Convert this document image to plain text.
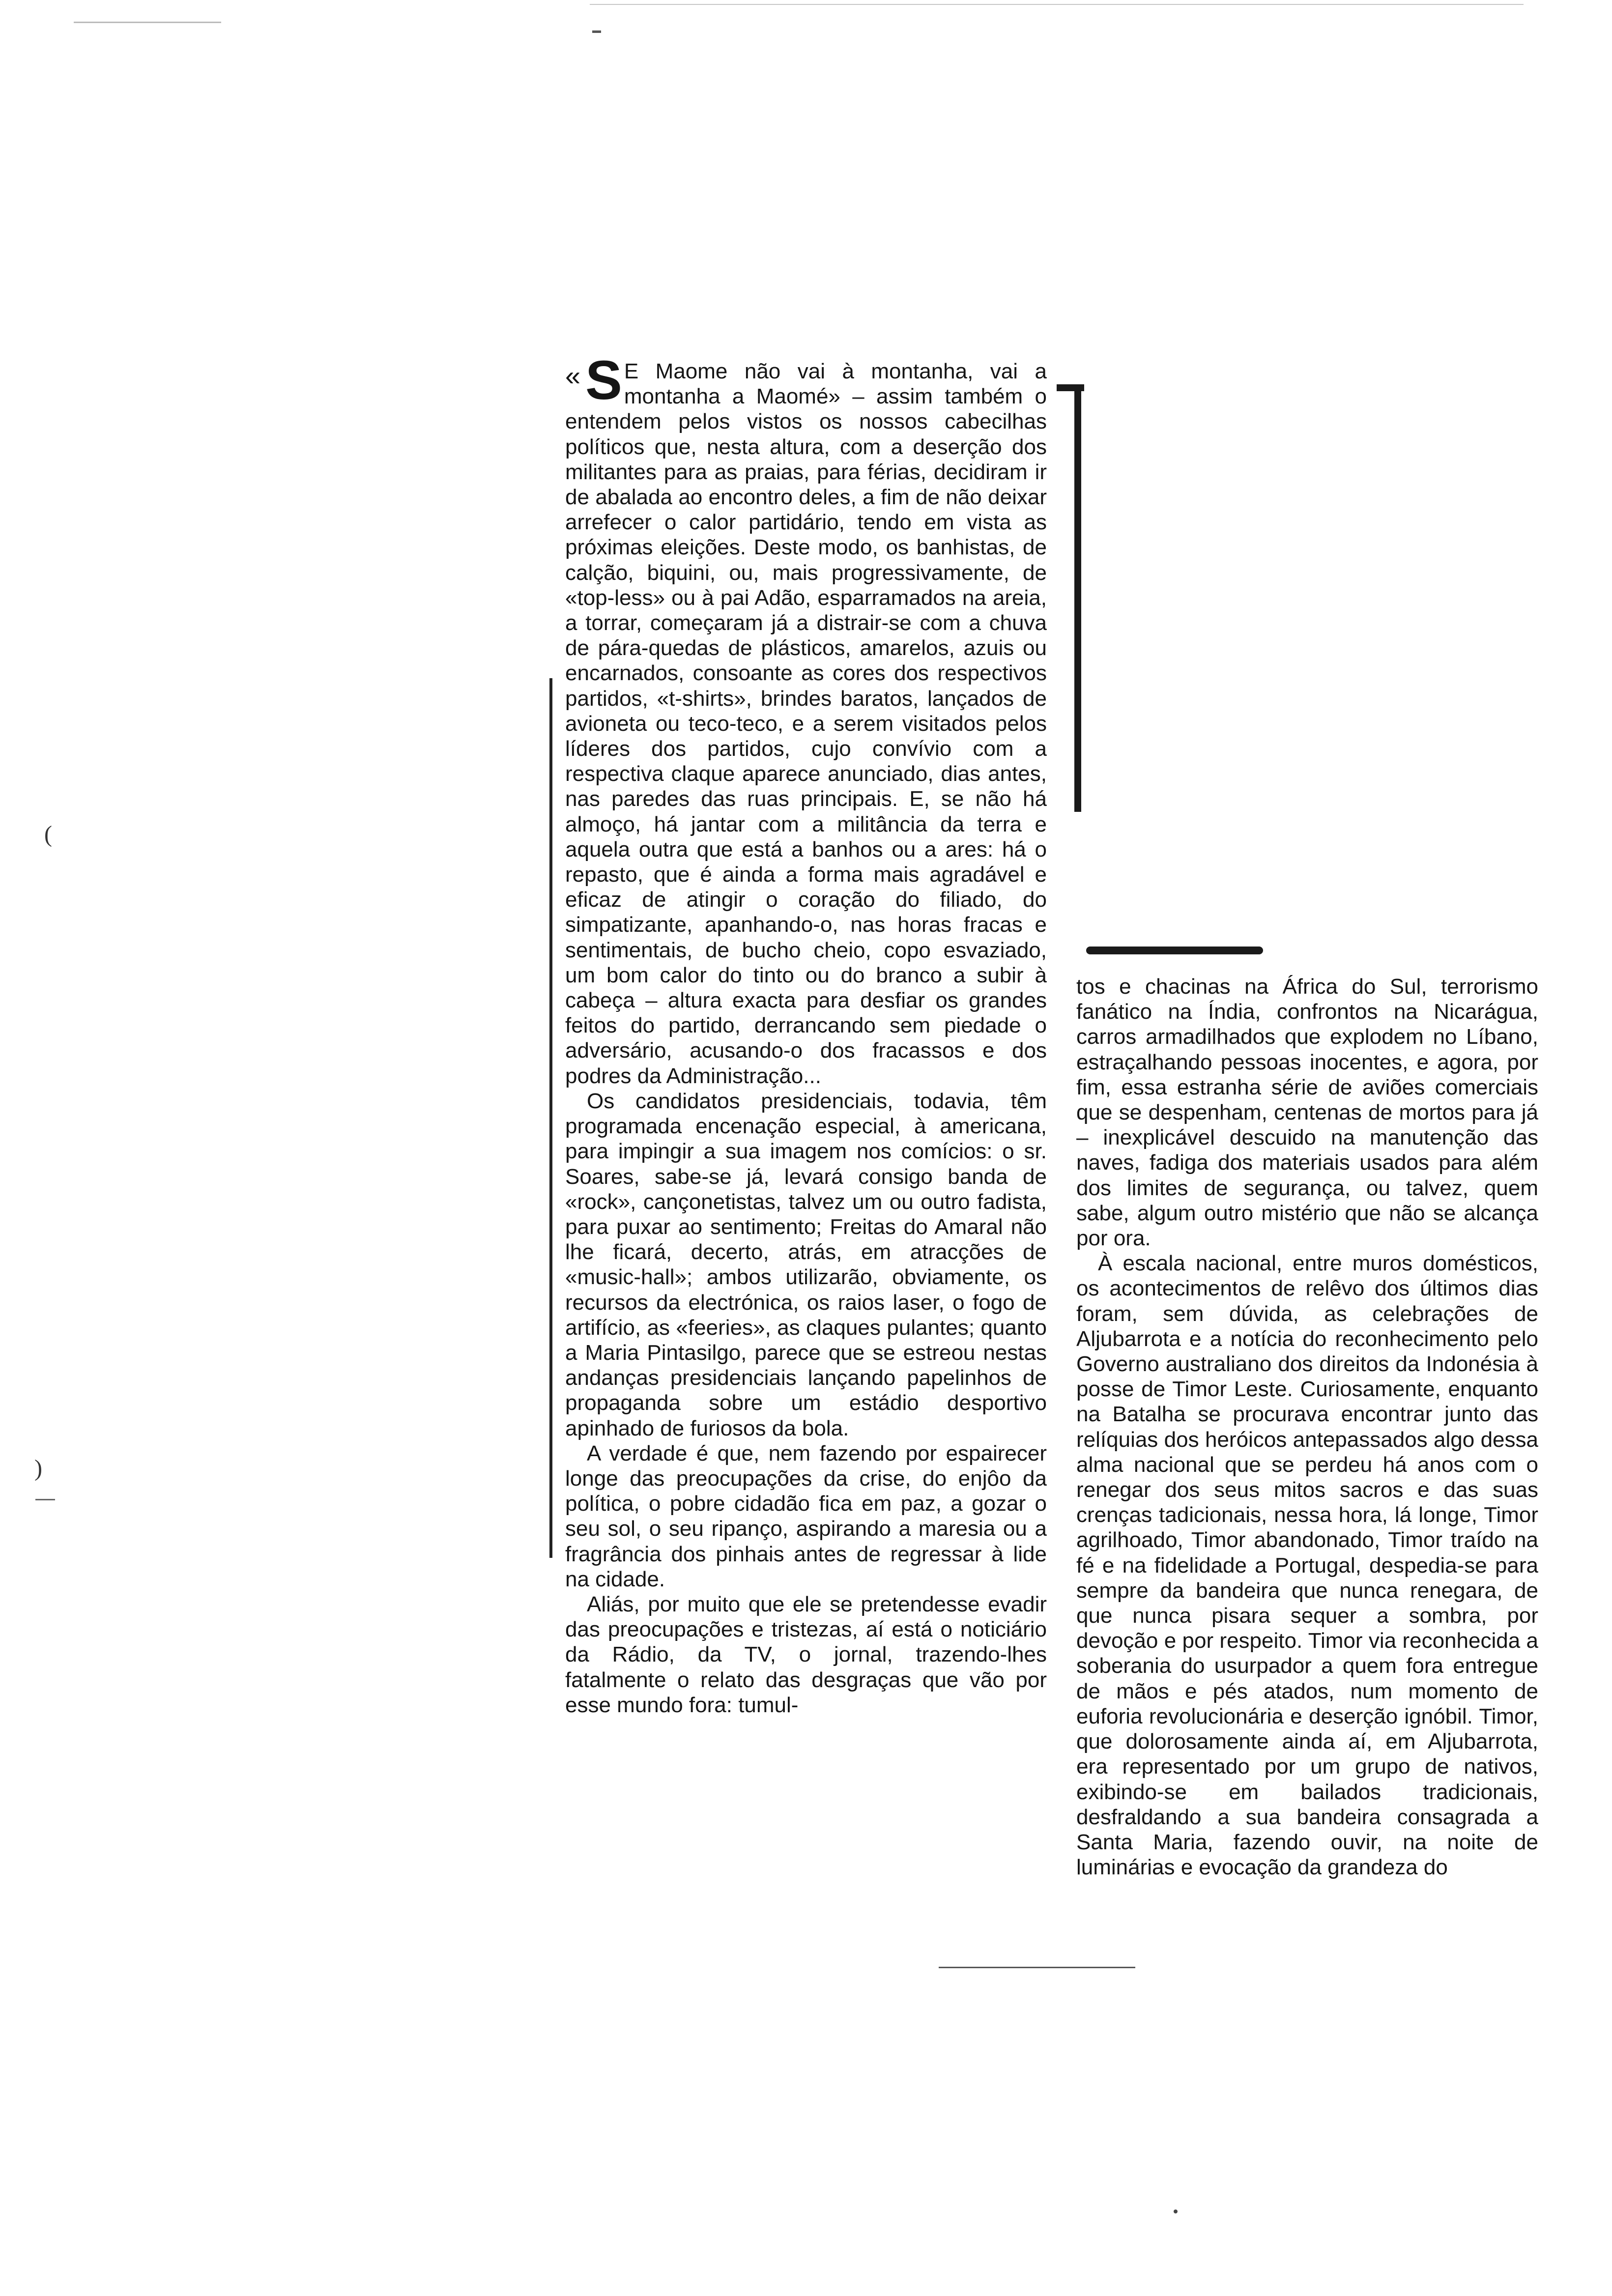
(
)

« S E Maome não vai à montanha, vai a montanha a Maomé» – assim também o entendem pelos vistos os nossos cabecilhas políticos que, nesta altura, com a deserção dos militantes para as praias, para férias, decidiram ir de abalada ao encontro deles, a fim de não deixar arrefecer o calor partidário, tendo em vista as próximas eleições. Deste modo, os banhistas, de calção, biquini, ou, mais progressivamente, de «top-less» ou à pai Adão, esparramados na areia, a torrar, começaram já a distrair-se com a chuva de pára-quedas de plásticos, amarelos, azuis ou encarnados, consoante as cores dos respectivos partidos, «t-shirts», brindes baratos, lançados de avioneta ou teco-teco, e a serem visitados pelos líderes dos partidos, cujo convívio com a respectiva claque aparece anunciado, dias antes, nas paredes das ruas principais. E, se não há almoço, há jantar com a militância da terra e aquela outra que está a banhos ou a ares: há o repasto, que é ainda a forma mais agradável e eficaz de atingir o coração do filiado, do simpatizante, apanhando-o, nas horas fracas e sentimentais, de bucho cheio, copo esvaziado, um bom calor do tinto ou do branco a subir à cabeça – altura exacta para desfiar os grandes feitos do partido, derrancando sem piedade o adversário, acusando-o dos fracassos e dos podres da Administração...

Os candidatos presidenciais, todavia, têm programada encenação especial, à americana, para impingir a sua imagem nos comícios: o sr. Soares, sabe-se já, levará consigo banda de «rock», cançonetistas, talvez um ou outro fadista, para puxar ao sentimento; Freitas do Amaral não lhe ficará, decerto, atrás, em atracções de «music-hall»; ambos utilizarão, obviamente, os recursos da electrónica, os raios laser, o fogo de artifício, as «feeries», as claques pulantes; quanto a Maria Pintasilgo, parece que se estreou nestas andanças presidenciais lançando papelinhos de propaganda sobre um estádio desportivo apinhado de furiosos da bola.

A verdade é que, nem fazendo por espairecer longe das preocupações da crise, do enjôo da política, o pobre cidadão fica em paz, a gozar o seu sol, o seu ripanço, aspirando a maresia ou a fragrância dos pinhais antes de regressar à lide na cidade.

Aliás, por muito que ele se pretendesse evadir das preocupações e tristezas, aí está o noticiário da Rádio, da TV, o jornal, trazendo-lhes fatalmente o relato das desgraças que vão por esse mundo fora: tumul-

tos e chacinas na África do Sul, terrorismo fanático na Índia, confrontos na Nicarágua, carros armadilhados que explodem no Líbano, estraçalhando pessoas inocentes, e agora, por fim, essa estranha série de aviões comerciais que se despenham, centenas de mortos para já – inexplicável descuido na manutenção das naves, fadiga dos materiais usados para além dos limites de segurança, ou talvez, quem sabe, algum outro mistério que não se alcança por ora.

À escala nacional, entre muros domésticos, os acontecimentos de relêvo dos últimos dias foram, sem dúvida, as celebrações de Aljubarrota e a notícia do reconhecimento pelo Governo australiano dos direitos da Indonésia à posse de Timor Leste. Curiosamente, enquanto na Batalha se procurava encontrar junto das relíquias dos heróicos antepassados algo dessa alma nacional que se perdeu há anos com o renegar dos seus mitos sacros e das suas crenças tadicionais, nessa hora, lá longe, Timor agrilhoado, Timor abandonado, Timor traído na fé e na fidelidade a Portugal, despedia-se para sempre da bandeira que nunca renegara, de que nunca pisara sequer a sombra, por devoção e por respeito. Timor via reconhecida a soberania do usurpador a quem fora entregue de mãos e pés atados, num momento de euforia revolucionária e deserção ignóbil. Timor, que dolorosamente ainda aí, em Aljubarrota, era representado por um grupo de nativos, exibindo-se em bailados tradicionais, desfraldando a sua bandeira consagrada a Santa Maria, fazendo ouvir, na noite de luminárias e evocação da grandeza do
